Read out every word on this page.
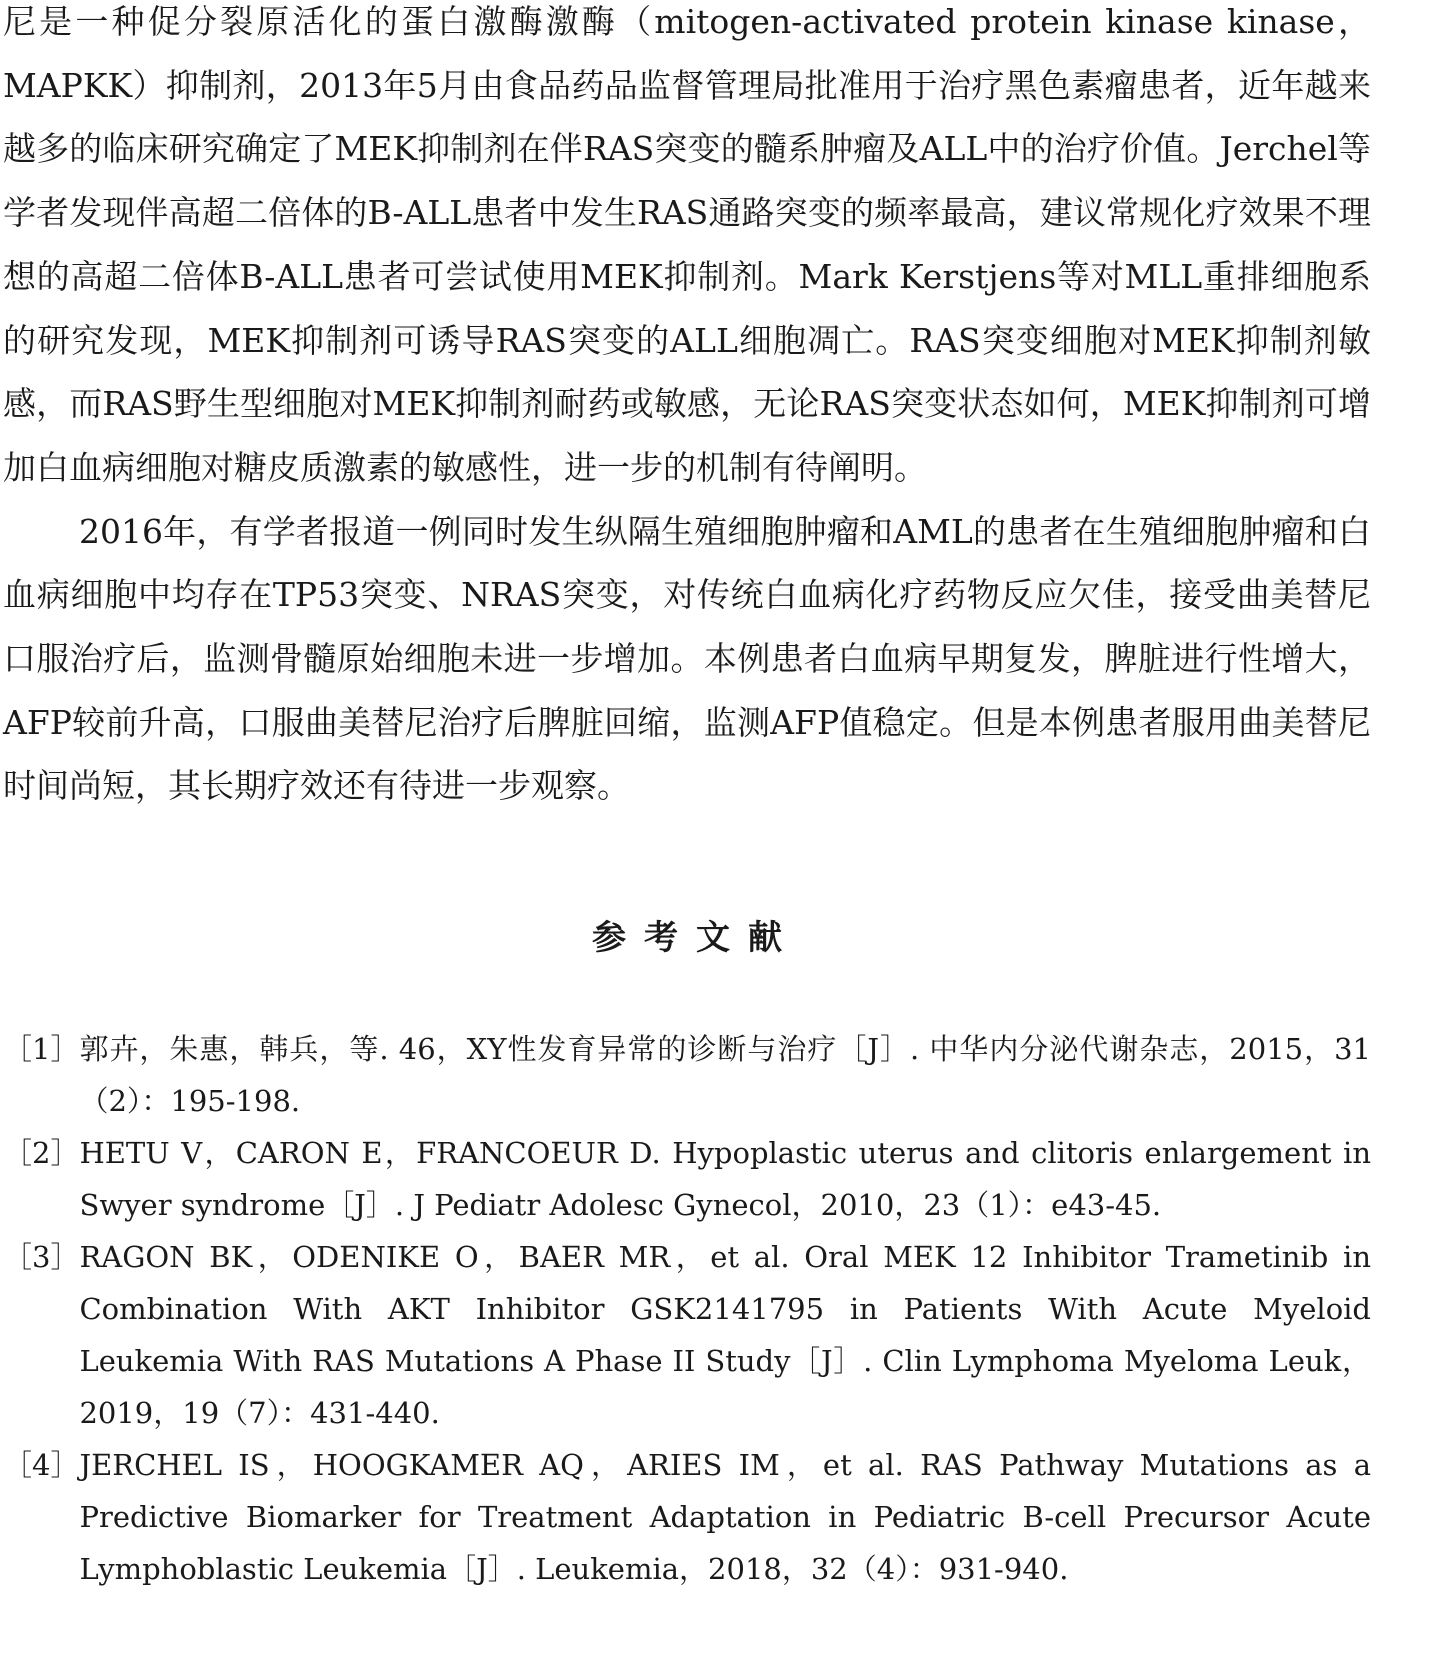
尼是一种促分裂原活化的蛋白激酶激酶（mitogen-activated protein kinase kinase，MAPKK）抑制剂，2013年5月由食品药品监督管理局批准用于治疗黑色素瘤患者，近年越来越多的临床研究确定了MEK抑制剂在伴RAS突变的髓系肿瘤及ALL中的治疗价值。Jerchel等学者发现伴高超二倍体的B-ALL患者中发生RAS通路突变的频率最高，建议常规化疗效果不理想的高超二倍体B-ALL患者可尝试使用MEK抑制剂。Mark Kerstjens等对MLL重排细胞系的研究发现，MEK抑制剂可诱导RAS突变的ALL细胞凋亡。RAS突变细胞对MEK抑制剂敏感，而RAS野生型细胞对MEK抑制剂耐药或敏感，无论RAS突变状态如何，MEK抑制剂可增加白血病细胞对糖皮质激素的敏感性，进一步的机制有待阐明。

2016年，有学者报道一例同时发生纵隔生殖细胞肿瘤和AML的患者在生殖细胞肿瘤和白血病细胞中均存在TP53突变、NRAS突变，对传统白血病化疗药物反应欠佳，接受曲美替尼口服治疗后，监测骨髓原始细胞未进一步增加。本例患者白血病早期复发，脾脏进行性增大，AFP较前升高，口服曲美替尼治疗后脾脏回缩，监测AFP值稳定。但是本例患者服用曲美替尼时间尚短，其长期疗效还有待进一步观察。

参考文献
［1］ 郭卉，朱惠，韩兵，等. 46，XY性发育异常的诊断与治疗［J］. 中华内分泌代谢杂志，2015，31（2）：195-198.
［2］ HETU V，CARON E，FRANCOEUR D. Hypoplastic uterus and clitoris enlargement in Swyer syndrome［J］. J Pediatr Adolesc Gynecol，2010，23（1）：e43-45.
［3］ RAGON BK，ODENIKE O，BAER MR，et al. Oral MEK 12 Inhibitor Trametinib in Combination With AKT Inhibitor GSK2141795 in Patients With Acute Myeloid Leukemia With RAS Mutations A Phase II Study［J］. Clin Lymphoma Myeloma Leuk，2019，19（7）：431-440.
［4］ JERCHEL IS，HOOGKAMER AQ，ARIES IM，et al. RAS Pathway Mutations as a Predictive Biomarker for Treatment Adaptation in Pediatric B-cell Precursor Acute Lymphoblastic Leukemia［J］. Leukemia，2018，32（4）：931-940.
